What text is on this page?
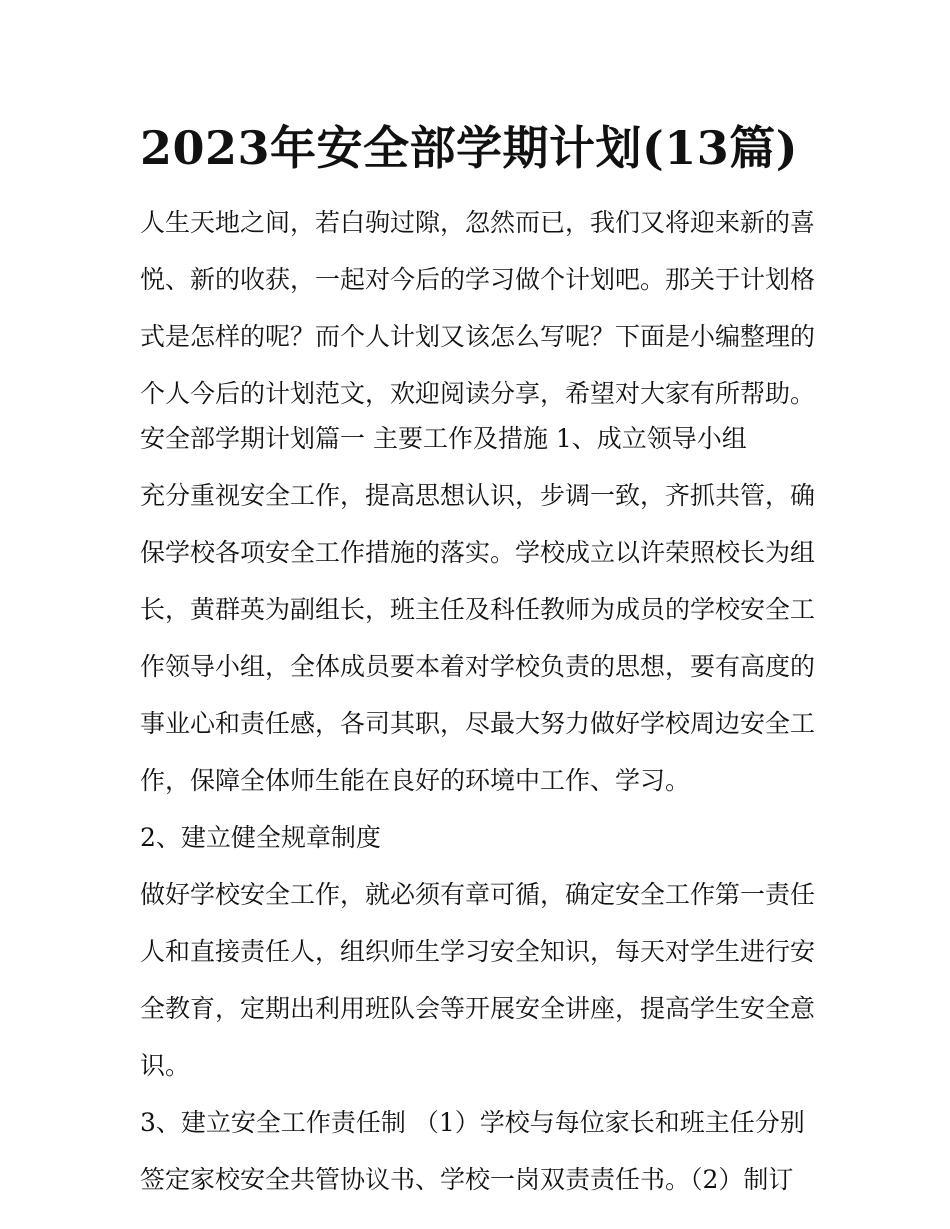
2023年安全部学期计划(13篇)
人生天地之间，若白驹过隙，忽然而已，我们又将迎来新的喜
悦、新的收获，一起对今后的学习做个计划吧。那关于计划格
式是怎样的呢？而个人计划又该怎么写呢？下面是小编整理的
个人今后的计划范文，欢迎阅读分享，希望对大家有所帮助。
安全部学期计划篇一 主要工作及措施 1、成立领导小组
充分重视安全工作，提高思想认识，步调一致，齐抓共管，确
保学校各项安全工作措施的落实。学校成立以许荣照校长为组
长，黄群英为副组长，班主任及科任教师为成员的学校安全工
作领导小组，全体成员要本着对学校负责的思想，要有高度的
事业心和责任感，各司其职，尽最大努力做好学校周边安全工
作，保障全体师生能在良好的环境中工作、学习。
2、建立健全规章制度
做好学校安全工作，就必须有章可循，确定安全工作第一责任
人和直接责任人，组织师生学习安全知识，每天对学生进行安
全教育，定期出利用班队会等开展安全讲座，提高学生安全意
识。
3、建立安全工作责任制 （1）学校与每位家长和班主任分别
签定家校安全共管协议书、学校一岗双责责任书。（2）制订
